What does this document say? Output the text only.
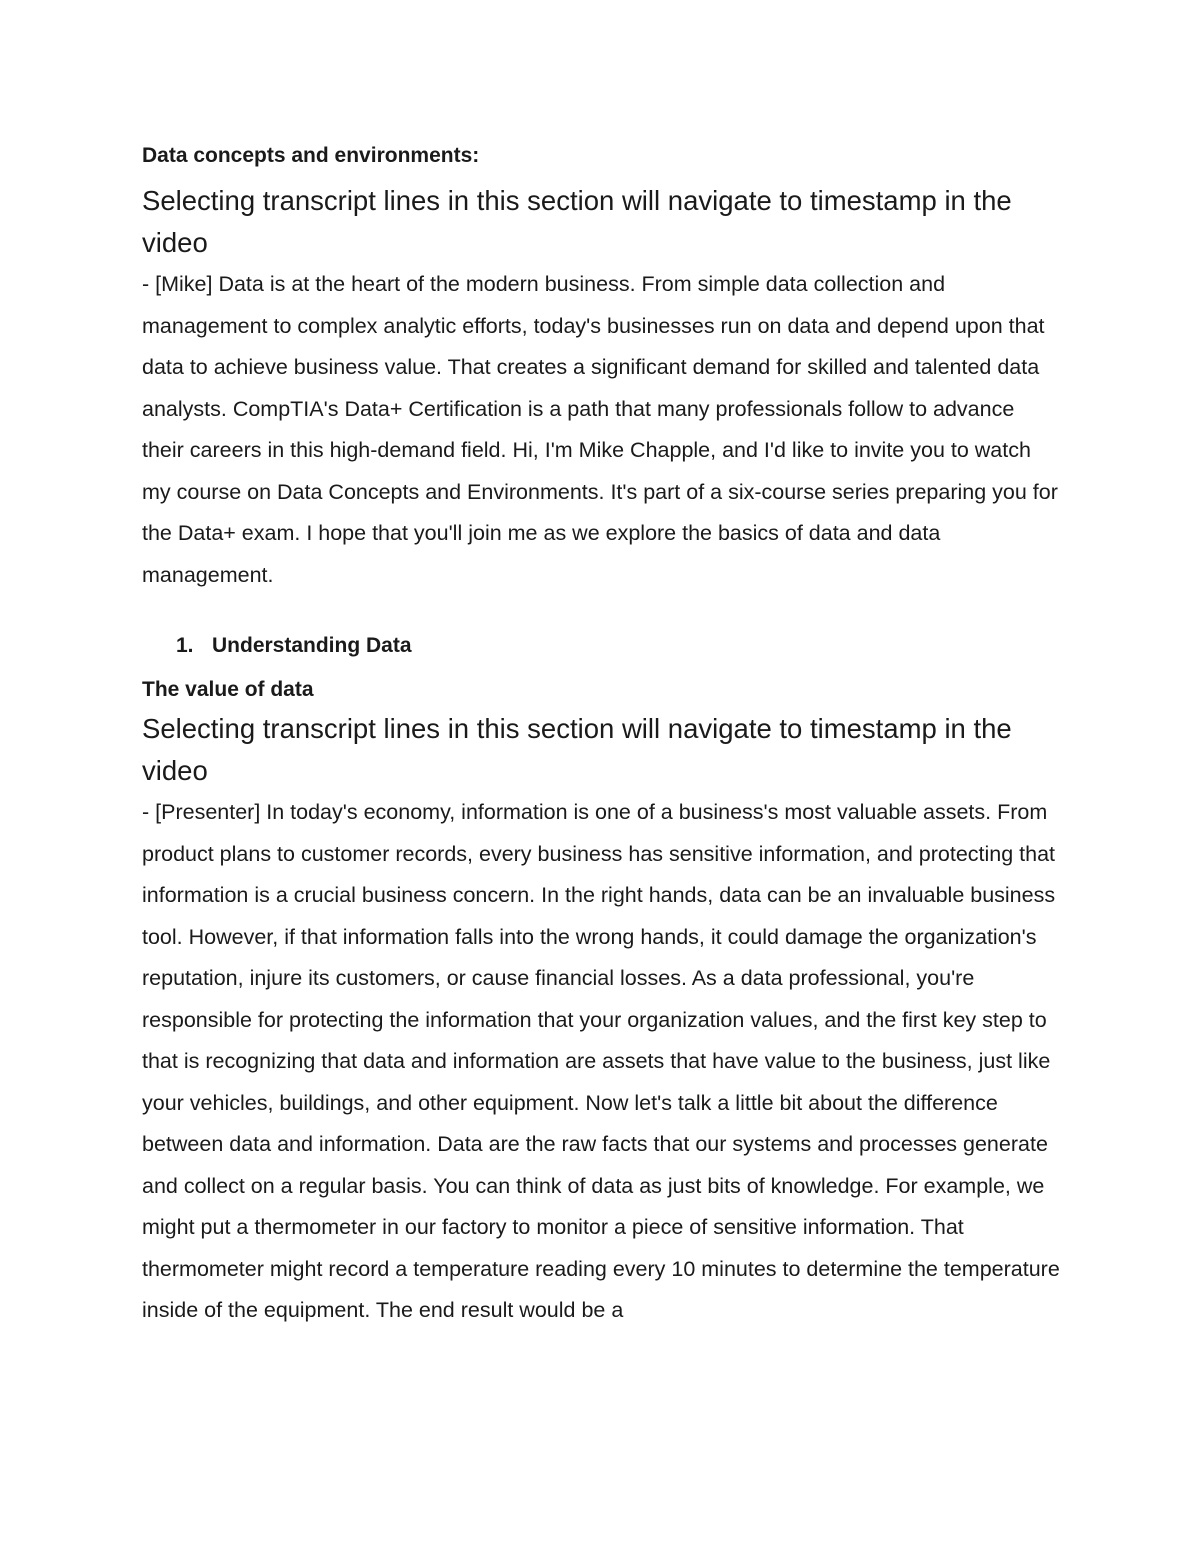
Data concepts and environments:

Selecting transcript lines in this section will navigate to timestamp in the video

- [Mike] Data is at the heart of the modern business. From simple data collection and management to complex analytic efforts, today's businesses run on data and depend upon that data to achieve business value. That creates a significant demand for skilled and talented data analysts. CompTIA's Data+ Certification is a path that many professionals follow to advance their careers in this high-demand field. Hi, I'm Mike Chapple, and I'd like to invite you to watch my course on Data Concepts and Environments. It's part of a six-course series preparing you for the Data+ exam. I hope that you'll join me as we explore the basics of data and data management.

1. Understanding Data
The value of data

Selecting transcript lines in this section will navigate to timestamp in the video

- [Presenter] In today's economy, information is one of a business's most valuable assets. From product plans to customer records, every business has sensitive information, and protecting that information is a crucial business concern. In the right hands, data can be an invaluable business tool. However, if that information falls into the wrong hands, it could damage the organization's reputation, injure its customers, or cause financial losses. As a data professional, you're responsible for protecting the information that your organization values, and the first key step to that is recognizing that data and information are assets that have value to the business, just like your vehicles, buildings, and other equipment. Now let's talk a little bit about the difference between data and information. Data are the raw facts that our systems and processes generate and collect on a regular basis. You can think of data as just bits of knowledge. For example, we might put a thermometer in our factory to monitor a piece of sensitive information. That thermometer might record a temperature reading every 10 minutes to determine the temperature inside of the equipment. The end result would be a
